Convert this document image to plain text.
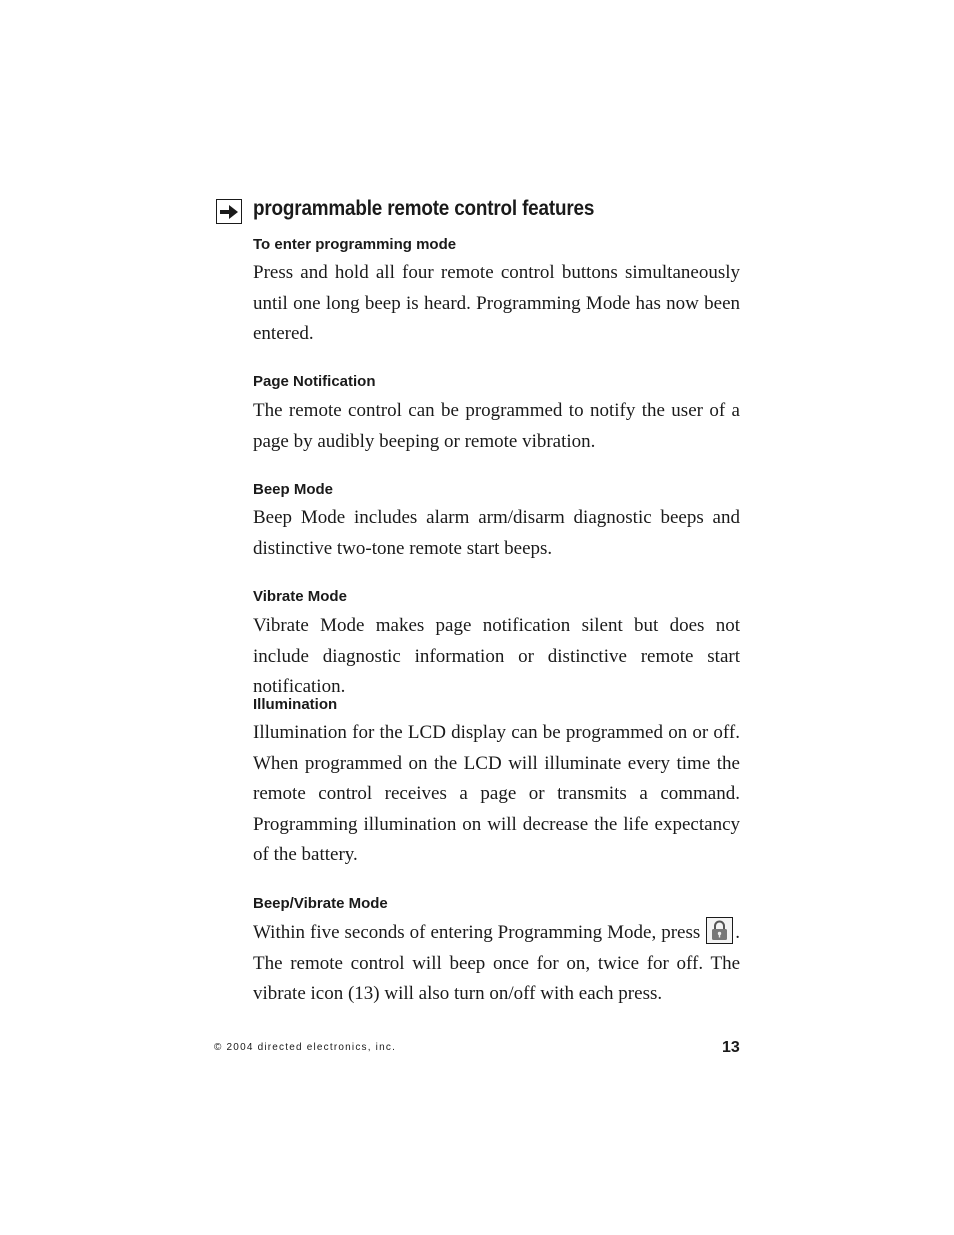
programmable remote control features
To enter programming mode
Press and hold all four remote control buttons simultaneously until one long beep is heard. Programming Mode has now been entered.
Page Notification
The remote control can be programmed to notify the user of a page by audibly beeping or remote vibration.
Beep Mode
Beep Mode includes alarm arm/disarm diagnostic beeps and distinctive two-tone remote start beeps.
Vibrate Mode
Vibrate Mode makes page notification silent but does not include diagnostic information or distinctive remote start notification.
Illumination
Illumination for the LCD display can be programmed on or off. When programmed on the LCD will illuminate every time the remote control receives a page or transmits a command. Programming illumination on will decrease the life expectancy of the battery.
Beep/Vibrate Mode
Within five seconds of entering Programming Mode, press . The remote control will beep once for on, twice for off. The vibrate icon (13) will also turn on/off with each press.
© 2004 directed electronics, inc.	13
